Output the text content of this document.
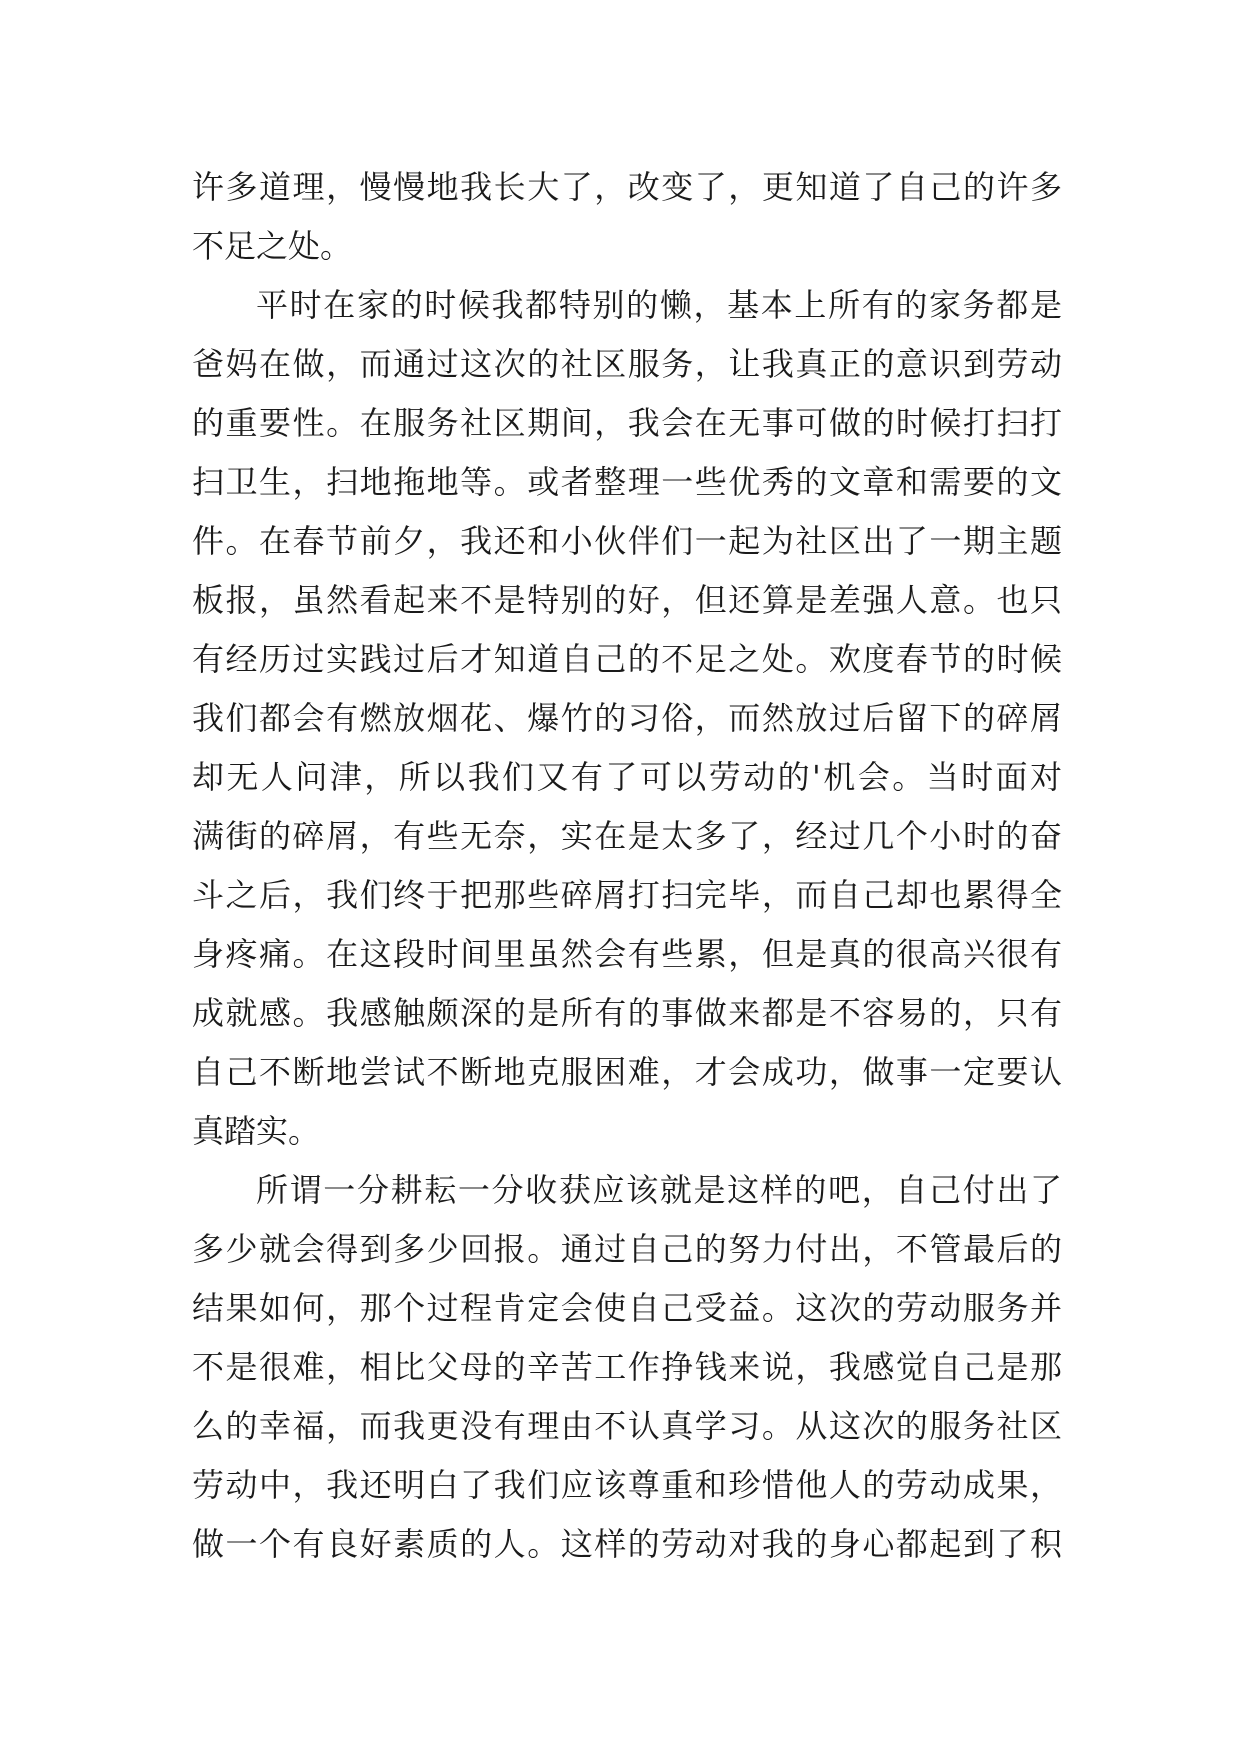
许多道理，慢慢地我长大了，改变了，更知道了自己的许多
不足之处。
平时在家的时候我都特别的懒，基本上所有的家务都是
爸妈在做，而通过这次的社区服务，让我真正的意识到劳动
的重要性。在服务社区期间，我会在无事可做的时候打扫打
扫卫生，扫地拖地等。或者整理一些优秀的文章和需要的文
件。在春节前夕，我还和小伙伴们一起为社区出了一期主题
板报，虽然看起来不是特别的好，但还算是差强人意。也只
有经历过实践过后才知道自己的不足之处。欢度春节的时候
我们都会有燃放烟花、爆竹的习俗，而然放过后留下的碎屑
却无人问津，所以我们又有了可以劳动的'机会。当时面对
满街的碎屑，有些无奈，实在是太多了，经过几个小时的奋
斗之后，我们终于把那些碎屑打扫完毕，而自己却也累得全
身疼痛。在这段时间里虽然会有些累，但是真的很高兴很有
成就感。我感触颇深的是所有的事做来都是不容易的，只有
自己不断地尝试不断地克服困难，才会成功，做事一定要认
真踏实。
所谓一分耕耘一分收获应该就是这样的吧，自己付出了
多少就会得到多少回报。通过自己的努力付出，不管最后的
结果如何，那个过程肯定会使自己受益。这次的劳动服务并
不是很难，相比父母的辛苦工作挣钱来说，我感觉自己是那
么的幸福，而我更没有理由不认真学习。从这次的服务社区
劳动中，我还明白了我们应该尊重和珍惜他人的劳动成果，
做一个有良好素质的人。这样的劳动对我的身心都起到了积
